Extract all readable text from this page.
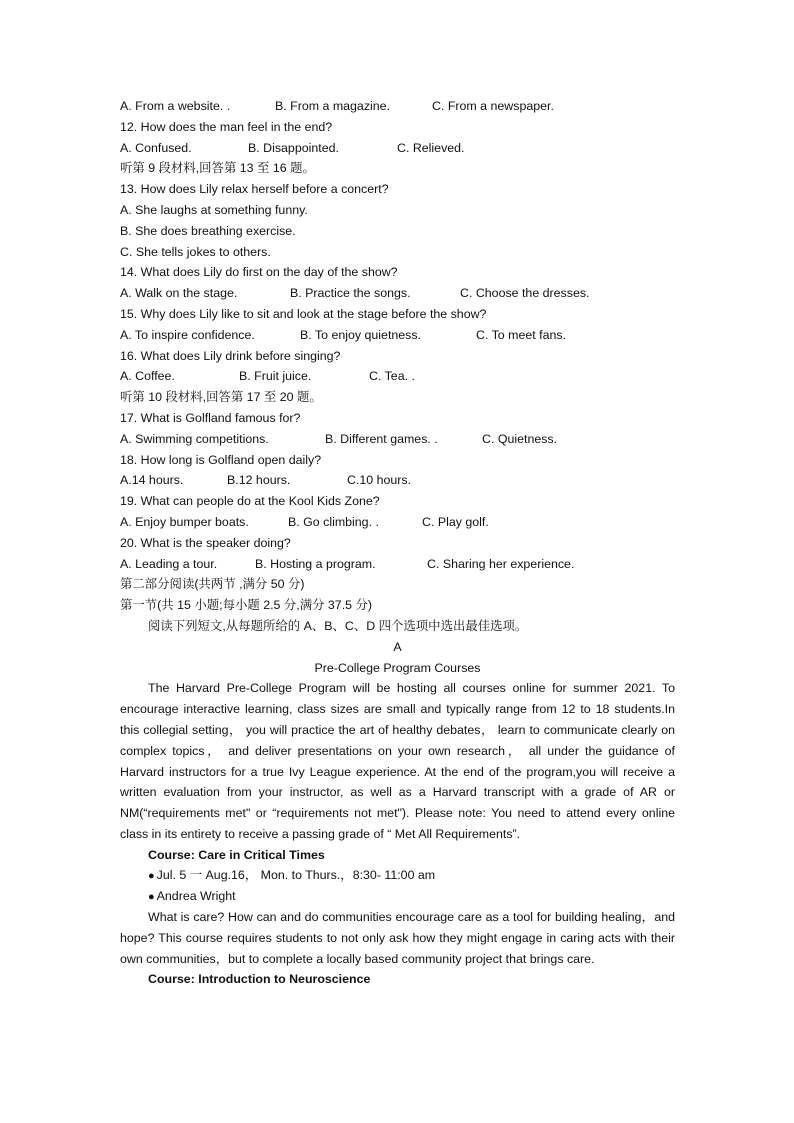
A. From a website. .	B. From a magazine.	C. From a newspaper.
12. How does the man feel in the end?
A. Confused.	B. Disappointed.	C. Relieved.
听第 9 段材料,回答第 13 至 16 题。
13. How does Lily relax herself before a concert?
A. She laughs at something funny.
B. She does breathing exercise.
C. She tells jokes to others.
14. What does Lily do first on the day of the show?
A. Walk on the stage.	B. Practice the songs.	C. Choose the dresses.
15. Why does Lily like to sit and look at the stage before the show?
A. To inspire confidence.	B. To enjoy quietness.	C. To meet fans.
16. What does Lily drink before singing?
A. Coffee.	B. Fruit juice.	C. Tea. .
听第 10 段材料,回答第 17 至 20 题。
17. What is Golfland famous for?
A. Swimming competitions.	B. Different games. .	C. Quietness.
18. How long is Golfland open daily?
A.14 hours.	B.12 hours.	C.10 hours.
19. What can people do at the Kool Kids Zone?
A. Enjoy bumper boats.	B. Go climbing. .	C. Play golf.
20. What is the speaker doing?
A. Leading a tour.	B. Hosting a program.	C. Sharing her experience.
第二部分阅读(共两节 ,满分 50 分)
第一节(共 15 小题;每小题 2.5 分,满分 37.5 分)
阅读下列短文,从每题所给的 A、B、C、D 四个选项中选出最佳选项。
A
Pre-College Program Courses

The Harvard Pre-College Program will be hosting all courses online for summer 2021. To encourage interactive learning, class sizes are small and typically range from 12 to 18 students.In this collegial setting， you will practice the art of healthy debates， learn to communicate clearly on complex topics， and deliver presentations on your own research， all under the guidance of Harvard instructors for a true Ivy League experience. At the end of the program,you will receive a written evaluation from your instructor, as well as a Harvard transcript with a grade of AR or NM(“requirements met" or “requirements not met"). Please note: You need to attend every online class in its entirety to receive a passing grade of “ Met All Requirements”.

Course: Care in Critical Times
● Jul. 5 一 Aug.16， Mon. to Thurs.，8:30- 11:00 am
● Andrea Wright

What is care? How can and do communities encourage care as a tool for building healing，and hope? This course requires students to not only ask how they might engage in caring acts with their own communities，but to complete a locally based community project that brings care.

Course: Introduction to Neuroscience
